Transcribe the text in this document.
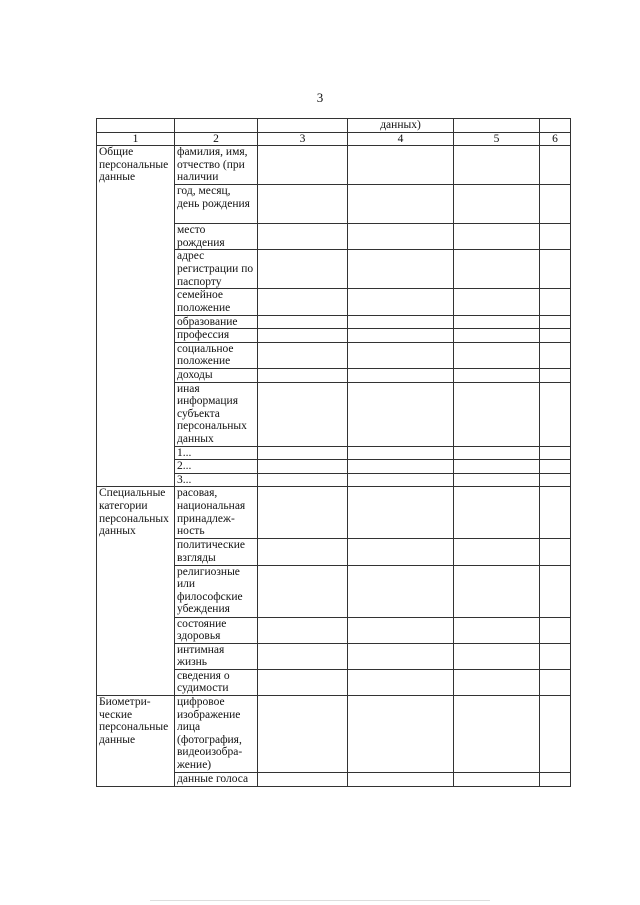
3
			данных)		
1	2	3	4	5	6
Общие персональные данные	фамилия, имя, отчество (при наличии				
	год, месяц, день рождения				
	место рождения				
	адрес регистрации по паспорту				
	семейное положение				
	образование				
	профессия				
	социальное положение				
	доходы				
	иная информация субъекта персональных данных				
	1...				
	2...				
	3...				
Специальные категории персональных данных	расовая, национальная принадлеж-ность				
	политические взгляды				
	религиозные или философские убеждения				
	состояние здоровья				
	интимная жизнь				
	сведения о судимости				
Биометри-ческие персональные данные	цифровое изображение лица (фотография, видеоизобра-жение)				
	данные голоса				
